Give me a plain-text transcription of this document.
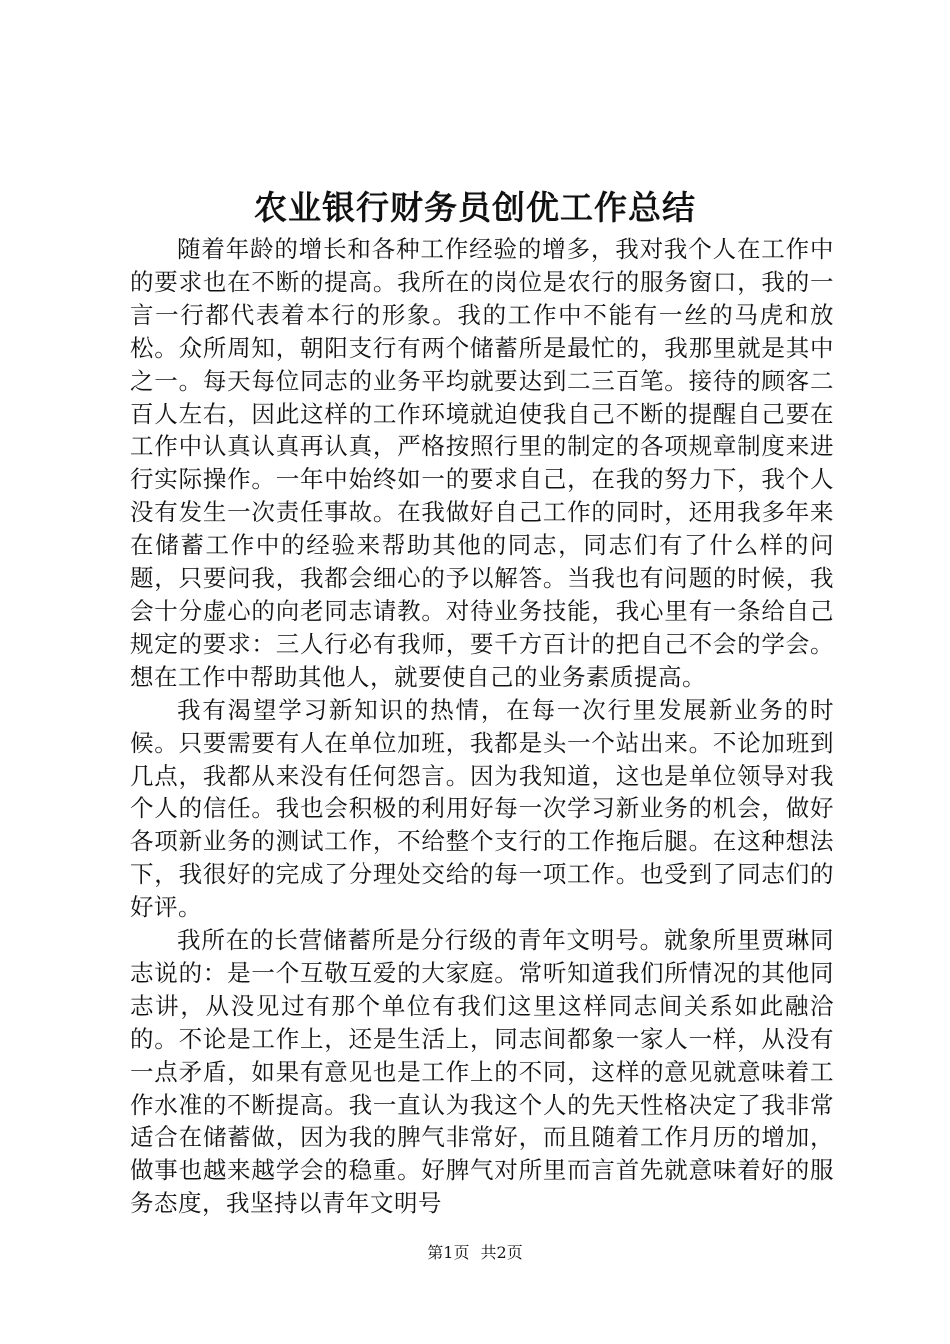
农业银行财务员创优工作总结

随着年龄的增长和各种工作经验的增多，我对我个人在工作中的要求也在不断的提高。我所在的岗位是农行的服务窗口，我的一言一行都代表着本行的形象。我的工作中不能有一丝的马虎和放松。众所周知，朝阳支行有两个储蓄所是最忙的，我那里就是其中之一。每天每位同志的业务平均就要达到二三百笔。接待的顾客二百人左右，因此这样的工作环境就迫使我自己不断的提醒自己要在工作中认真认真再认真，严格按照行里的制定的各项规章制度来进行实际操作。一年中始终如一的要求自己，在我的努力下，我个人没有发生一次责任事故。在我做好自己工作的同时，还用我多年来在储蓄工作中的经验来帮助其他的同志，同志们有了什么样的问题，只要问我，我都会细心的予以解答。当我也有问题的时候，我会十分虚心的向老同志请教。对待业务技能，我心里有一条给自己规定的要求：三人行必有我师，要千方百计的把自己不会的学会。想在工作中帮助其他人，就要使自己的业务素质提高。

我有渴望学习新知识的热情，在每一次行里发展新业务的时候。只要需要有人在单位加班，我都是头一个站出来。不论加班到几点，我都从来没有任何怨言。因为我知道，这也是单位领导对我个人的信任。我也会积极的利用好每一次学习新业务的机会，做好各项新业务的测试工作，不给整个支行的工作拖后腿。在这种想法下，我很好的完成了分理处交给的每一项工作。也受到了同志们的好评。

我所在的长营储蓄所是分行级的青年文明号。就象所里贾琳同志说的：是一个互敬互爱的大家庭。常听知道我们所情况的其他同志讲，从没见过有那个单位有我们这里这样同志间关系如此融洽的。不论是工作上，还是生活上，同志间都象一家人一样，从没有一点矛盾，如果有意见也是工作上的不同，这样的意见就意味着工作水准的不断提高。我一直认为我这个人的先天性格决定了我非常适合在储蓄做，因为我的脾气非常好，而且随着工作月历的增加，做事也越来越学会的稳重。好脾气对所里而言首先就意味着好的服务态度，我坚持以青年文明号

第1页 共2页
